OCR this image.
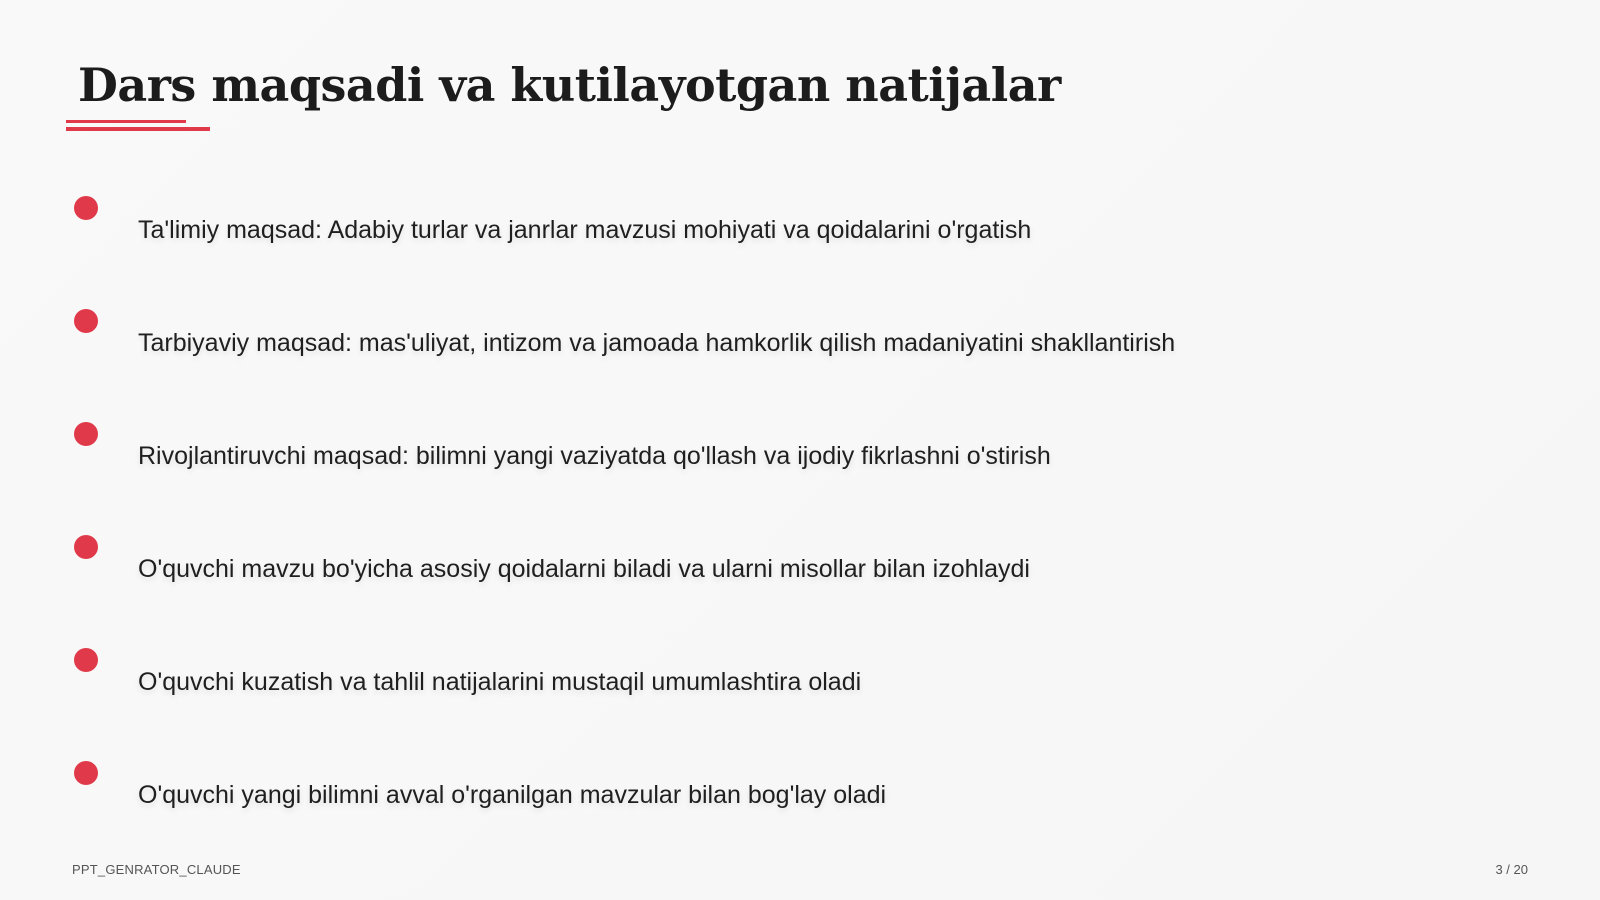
Dars maqsadi va kutilayotgan natijalar
Ta'limiy maqsad: Adabiy turlar va janrlar mavzusi mohiyati va qoidalarini o'rgatish
Tarbiyaviy maqsad: mas'uliyat, intizom va jamoada hamkorlik qilish madaniyatini shakllantirish
Rivojlantiruvchi maqsad: bilimni yangi vaziyatda qo'llash va ijodiy fikrlashni o'stirish
O'quvchi mavzu bo'yicha asosiy qoidalarni biladi va ularni misollar bilan izohlaydi
O'quvchi kuzatish va tahlil natijalarini mustaqil umumlashtira oladi
O'quvchi yangi bilimni avval o'rganilgan mavzular bilan bog'lay oladi
PPT_GENRATOR_CLAUDE	3 / 20
